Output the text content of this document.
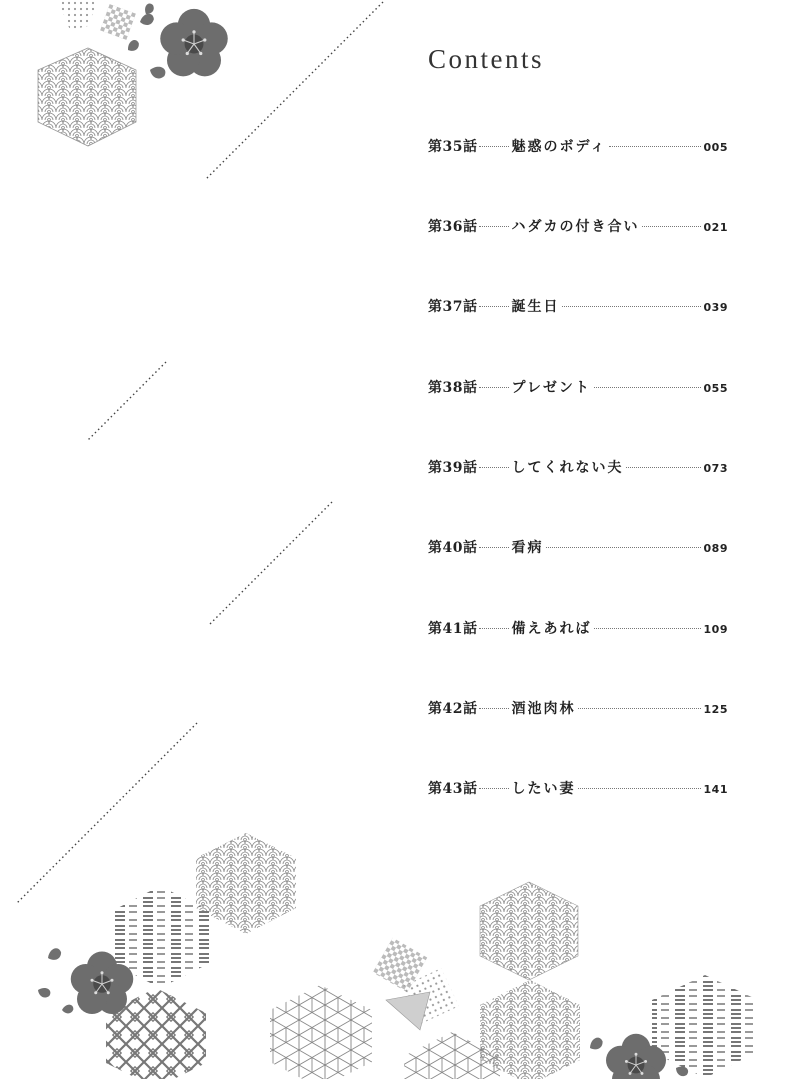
Contents
第35話 魅惑のボディ	005
第36話 ハダカの付き合い	021
第37話 誕生日	039
第38話 プレゼント	055
第39話 してくれない夫	073
第40話 看病	089
第41話 備えあれば	109
第42話 酒池肉林	125
第43話 したい妻	141
